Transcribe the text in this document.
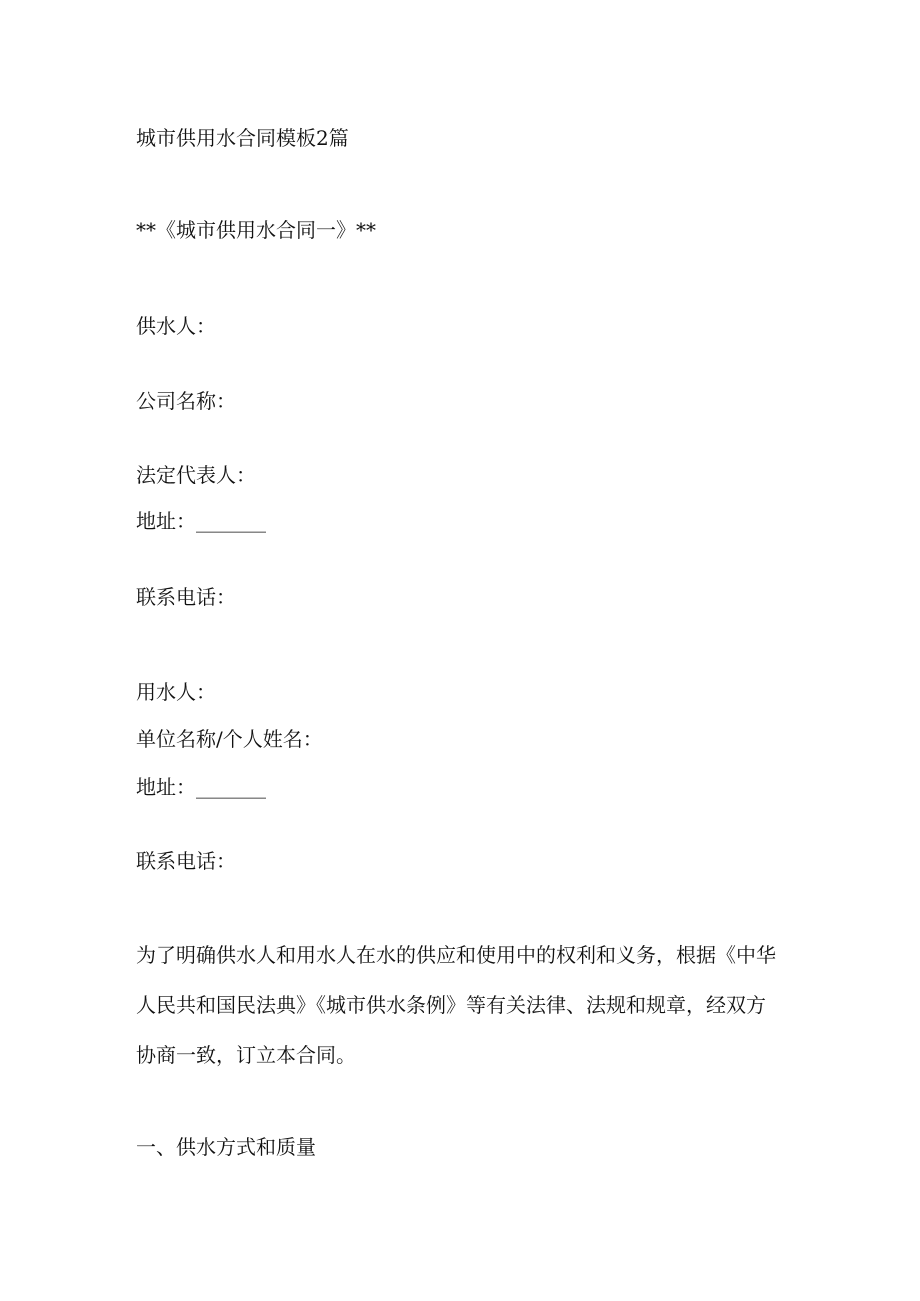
城市供用水合同模板2篇
**《城市供用水合同一》**
供水人：
公司名称：
法定代表人：
地址：_______
联系电话：
用水人：
单位名称/个人姓名：
地址：_______
联系电话：
为了明确供水人和用水人在水的供应和使用中的权利和义务，根据《中华人民共和国民法典》《城市供水条例》等有关法律、法规和规章，经双方协商一致，订立本合同。
一、供水方式和质量
